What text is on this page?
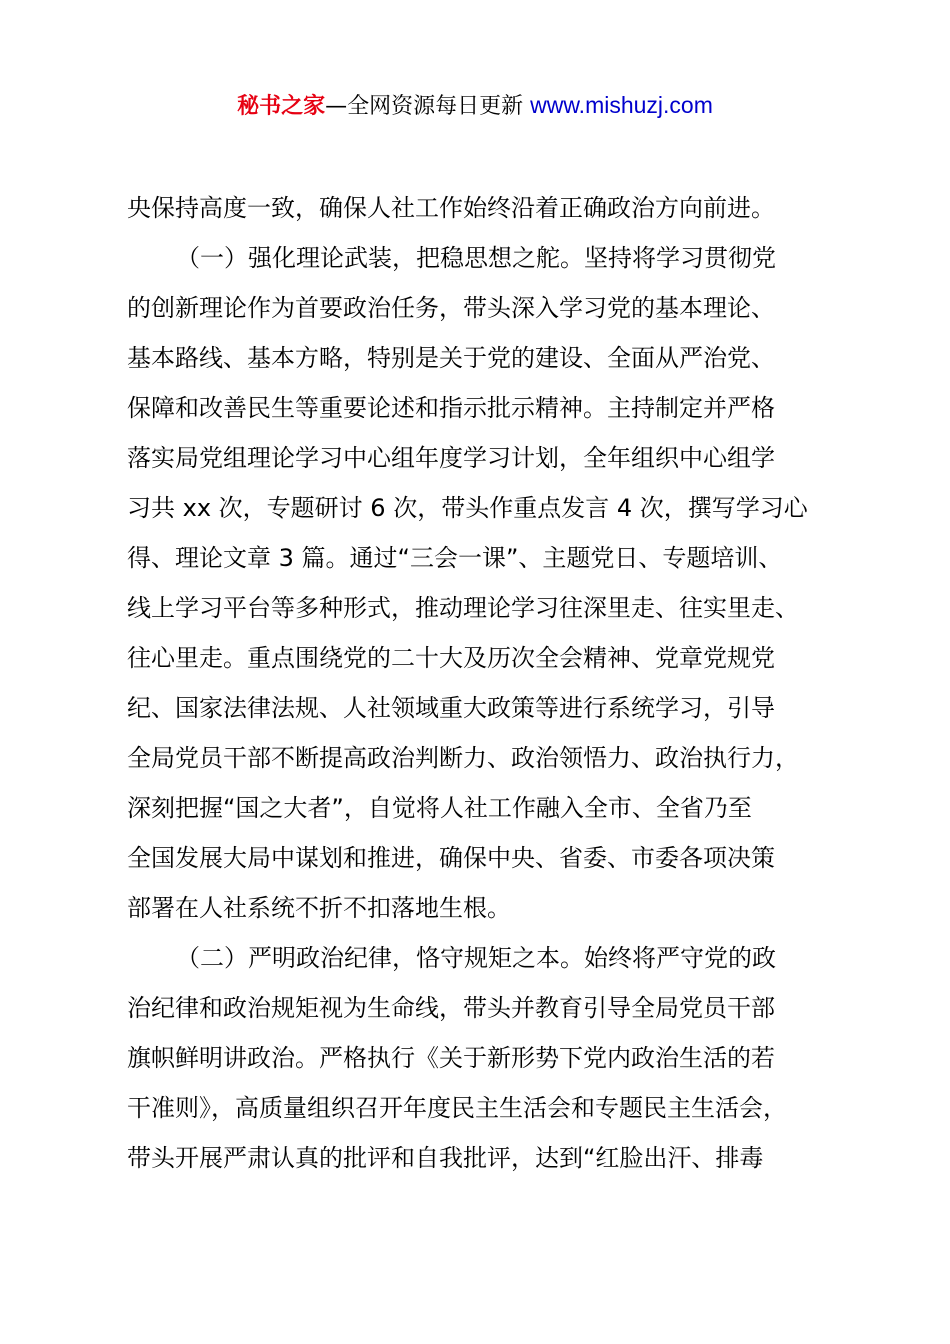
秘书之家—全网资源每日更新 www.mishuzj.com
央保持高度一致，确保人社工作始终沿着正确政治方向前进。
（一）强化理论武装，把稳思想之舵。坚持将学习贯彻党
的创新理论作为首要政治任务，带头深入学习党的基本理论、
基本路线、基本方略，特别是关于党的建设、全面从严治党、
保障和改善民生等重要论述和指示批示精神。主持制定并严格
落实局党组理论学习中心组年度学习计划，全年组织中心组学
习共 xx 次，专题研讨 6 次，带头作重点发言 4 次，撰写学习心
得、理论文章 3 篇。通过“三会一课”、主题党日、专题培训、
线上学习平台等多种形式，推动理论学习往深里走、往实里走、
往心里走。重点围绕党的二十大及历次全会精神、党章党规党
纪、国家法律法规、人社领域重大政策等进行系统学习，引导
全局党员干部不断提高政治判断力、政治领悟力、政治执行力，
深刻把握“国之大者”，自觉将人社工作融入全市、全省乃至
全国发展大局中谋划和推进，确保中央、省委、市委各项决策
部署在人社系统不折不扣落地生根。
（二）严明政治纪律，恪守规矩之本。始终将严守党的政
治纪律和政治规矩视为生命线，带头并教育引导全局党员干部
旗帜鲜明讲政治。严格执行《关于新形势下党内政治生活的若
干准则》，高质量组织召开年度民主生活会和专题民主生活会，
带头开展严肃认真的批评和自我批评，达到“红脸出汗、排毒
